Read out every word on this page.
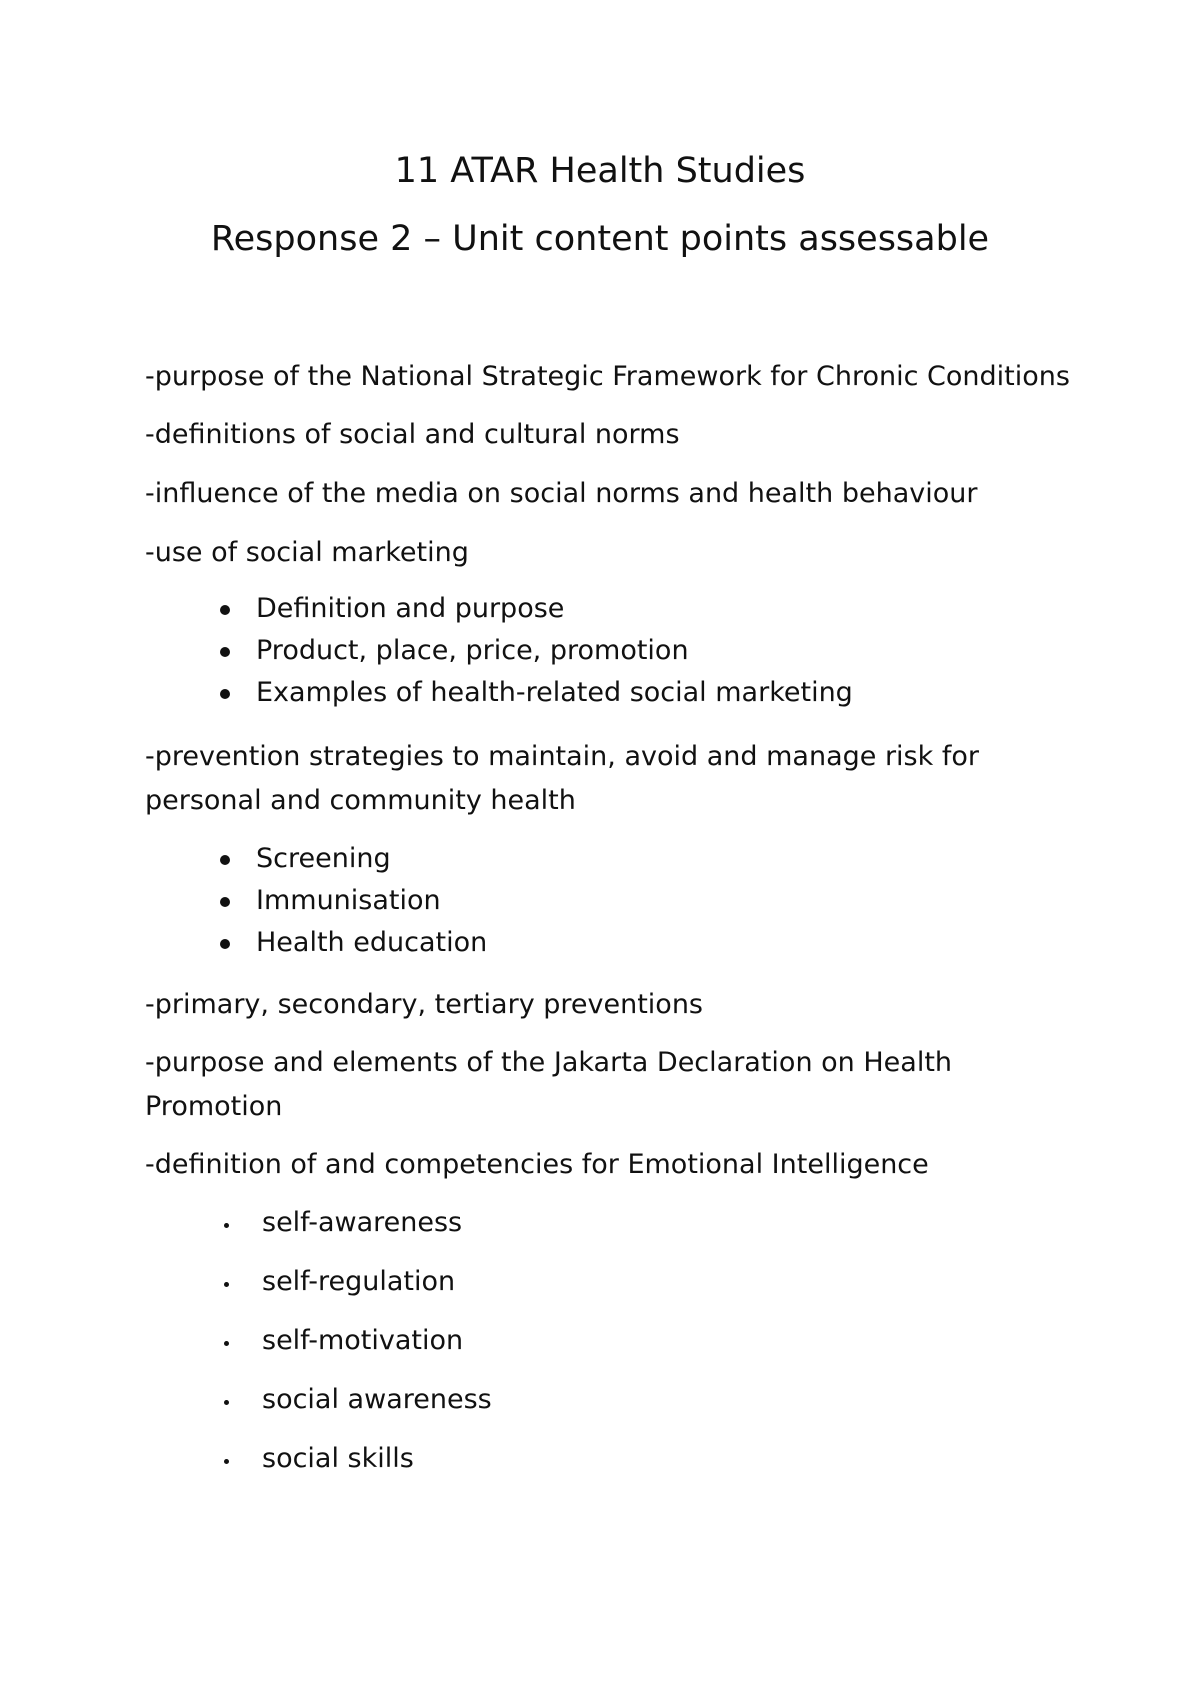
11 ATAR Health Studies
Response 2 – Unit content points assessable

-purpose of the National Strategic Framework for Chronic Conditions

-definitions of social and cultural norms

-influence of the media on social norms and health behaviour

-use of social marketing

Definition and purpose
Product, place, price, promotion
Examples of health-related social marketing

-prevention strategies to maintain, avoid and manage risk for

personal and community health

Screening
Immunisation
Health education

-primary, secondary, tertiary preventions

-purpose and elements of the Jakarta Declaration on Health

Promotion

-definition of and competencies for Emotional Intelligence

self-awareness
self-regulation
self-motivation
social awareness
social skills
